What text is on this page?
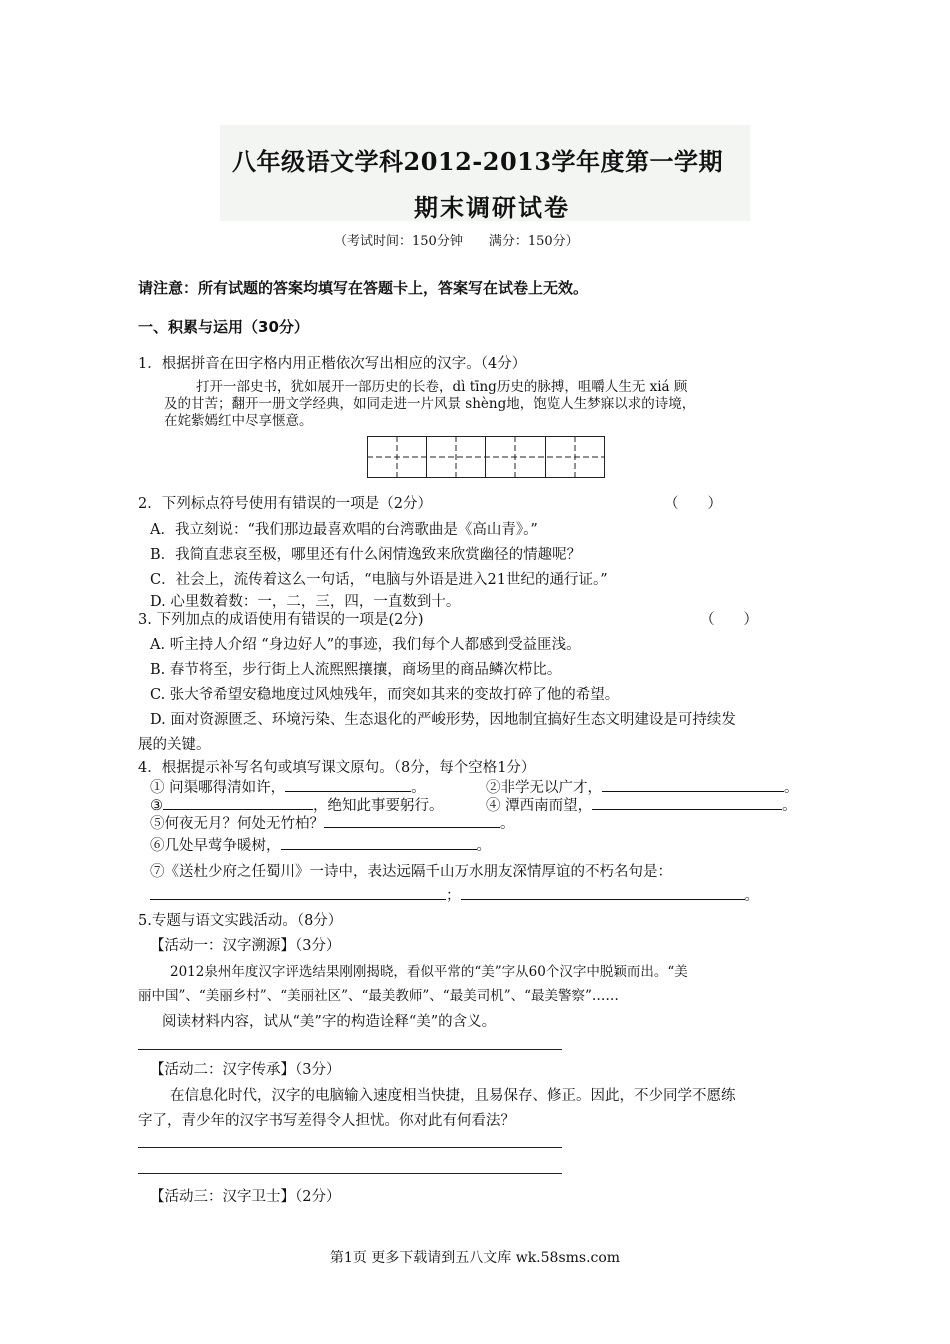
八年级语文学科2012-2013学年度第一学期
期末调研试卷
（考试时间：150分钟　　满分：150分）
请注意：所有试题的答案均填写在答题卡上，答案写在试卷上无效。
一、积累与运用（30分）
1．根据拼音在田字格内用正楷依次写出相应的汉字。（4分）
打开一部史书，犹如展开一部历史的长卷，dì tīng历史的脉搏，咀嚼人生无 xiá 顾
及的甘苦；翻开一册文学经典，如同走进一片风景 shèng地，饱览人生梦寐以求的诗境，
在姹紫嫣红中尽享惬意。
2．下列标点符号使用有错误的一项是（2分）	（　　）
A．我立刻说：“我们那边最喜欢唱的台湾歌曲是《高山青》。”
B．我简直悲哀至极，哪里还有什么闲情逸致来欣赏幽径的情趣呢？
C．社会上，流传着这么一句话，“电脑与外语是进入21世纪的通行证。”
D. 心里数着数：一，二，三，四，一直数到十。
3. 下列加点的成语使用有错误的一项是(2分)	（　　）
A. 听主持人介绍 “身边好人”的事迹，我们每个人都感到受益匪浅。
B. 春节将至，步行街上人流熙熙攘攘，商场里的商品鳞次栉比。
C. 张大爷希望安稳地度过风烛残年，而突如其来的变故打碎了他的希望。
D. 面对资源匮乏、环境污染、生态退化的严峻形势，因地制宜搞好生态文明建设是可持续发
展的关键。
4．根据提示补写名句或填写课文原句。（8分，每个空格1分）
① 问渠哪得清如许，	。	②非学无以广才，	。
③	，绝知此事要躬行。	④ 潭西南而望，	。
⑤何夜无月？何处无竹柏？	。
⑥几处早莺争暖树，	。
⑦《送杜少府之任蜀川》一诗中，表达远隔千山万水朋友深情厚谊的不朽名句是：
；	。
5.专题与语文实践活动。（8分）
【活动一：汉字溯源】（3分）
2012泉州年度汉字评选结果刚刚揭晓，看似平常的“美”字从60个汉字中脱颖而出。“美
丽中国”、“美丽乡村”、“美丽社区”、“最美教师”、“最美司机”、“最美警察”……
阅读材料内容，试从“美”字的构造诠释“美”的含义。
【活动二：汉字传承】（3分）
在信息化时代，汉字的电脑输入速度相当快捷，且易保存、修正。因此，不少同学不愿练
字了，青少年的汉字书写差得令人担忧。你对此有何看法？
【活动三：汉字卫士】（2分）
第1页 更多下载请到五八文库 wk.58sms.com
